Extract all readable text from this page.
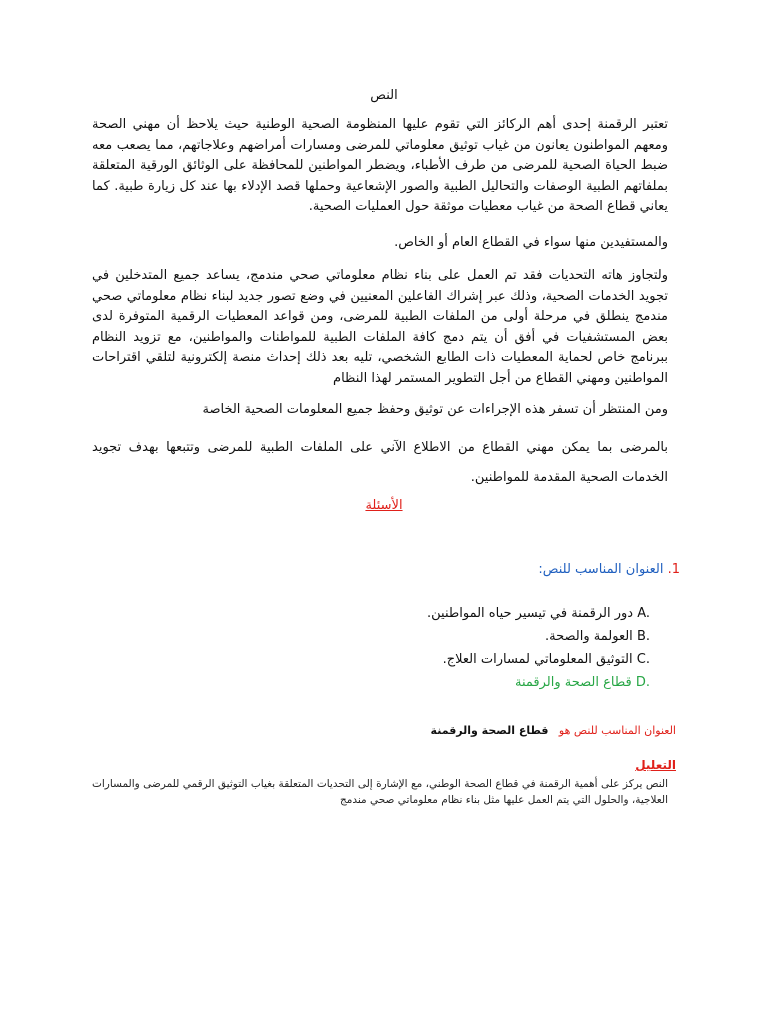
النص

تعتبر الرقمنة إحدى أهم الركائز التي تقوم عليها المنظومة الصحية الوطنية حيث يلاحظ أن مهني الصحة ومعهم المواطنون يعانون من غياب توثيق معلوماتي للمرضى ومسارات أمراضهم وعلاجاتهم، مما يصعب معه ضبط الحياة الصحية للمرضى من طرف الأطباء، ويضطر المواطنين للمحافظة على الوثائق الورقية المتعلقة بملفاتهم الطبية الوصفات والتحاليل الطبية والصور الإشعاعية وحملها قصد الإدلاء بها عند كل زيارة طبية. كما يعاني قطاع الصحة من غياب معطيات موثقة حول العمليات الصحية.

والمستفيدين منها سواء في القطاع العام أو الخاص.

ولتجاوز هاته التحديات فقد تم العمل على بناء نظام معلوماتي صحي مندمج، يساعد جميع المتدخلين في تجويد الخدمات الصحية، وذلك عبر إشراك الفاعلين المعنيين في وضع تصور جديد لبناء نظام معلوماتي صحي مندمج ينطلق في مرحلة أولى من الملفات الطبية للمرضى، ومن قواعد المعطيات الرقمية المتوفرة لدى بعض المستشفيات في أفق أن يتم دمج كافة الملفات الطبية للمواطنات والمواطنين، مع تزويد النظام ببرنامج خاص لحماية المعطيات ذات الطابع الشخصي، تليه بعد ذلك إحداث منصة إلكترونية لتلقي اقتراحات المواطنين ومهني القطاع من أجل التطوير المستمر لهذا النظام

ومن المنتظر أن تسفر هذه الإجراءات عن توثيق وحفظ جميع المعلومات الصحية الخاصة

بالمرضى بما يمكن مهني القطاع من الاطلاع الآني على الملفات الطبية للمرضى وتتبعها بهدف تجويد الخدمات الصحية المقدمة للمواطنين.

الأسئلة
1. العنوان المناسب للنص:
A. دور الرقمنة في تيسير حياه المواطنين.
B. العولمة والصحة.
C. التوثيق المعلوماتي لمسارات العلاج.
D. قطاع الصحة والرقمنة
العنوان المناسب للنص هو   قطاع الصحة والرقمنة
التعليل

النص يركز على أهمية الرقمنة في قطاع الصحة الوطني، مع الإشارة إلى التحديات المتعلقة بغياب التوثيق الرقمي للمرضى والمسارات العلاجية، والحلول التي يتم العمل عليها مثل بناء نظام معلوماتي صحي مندمج
